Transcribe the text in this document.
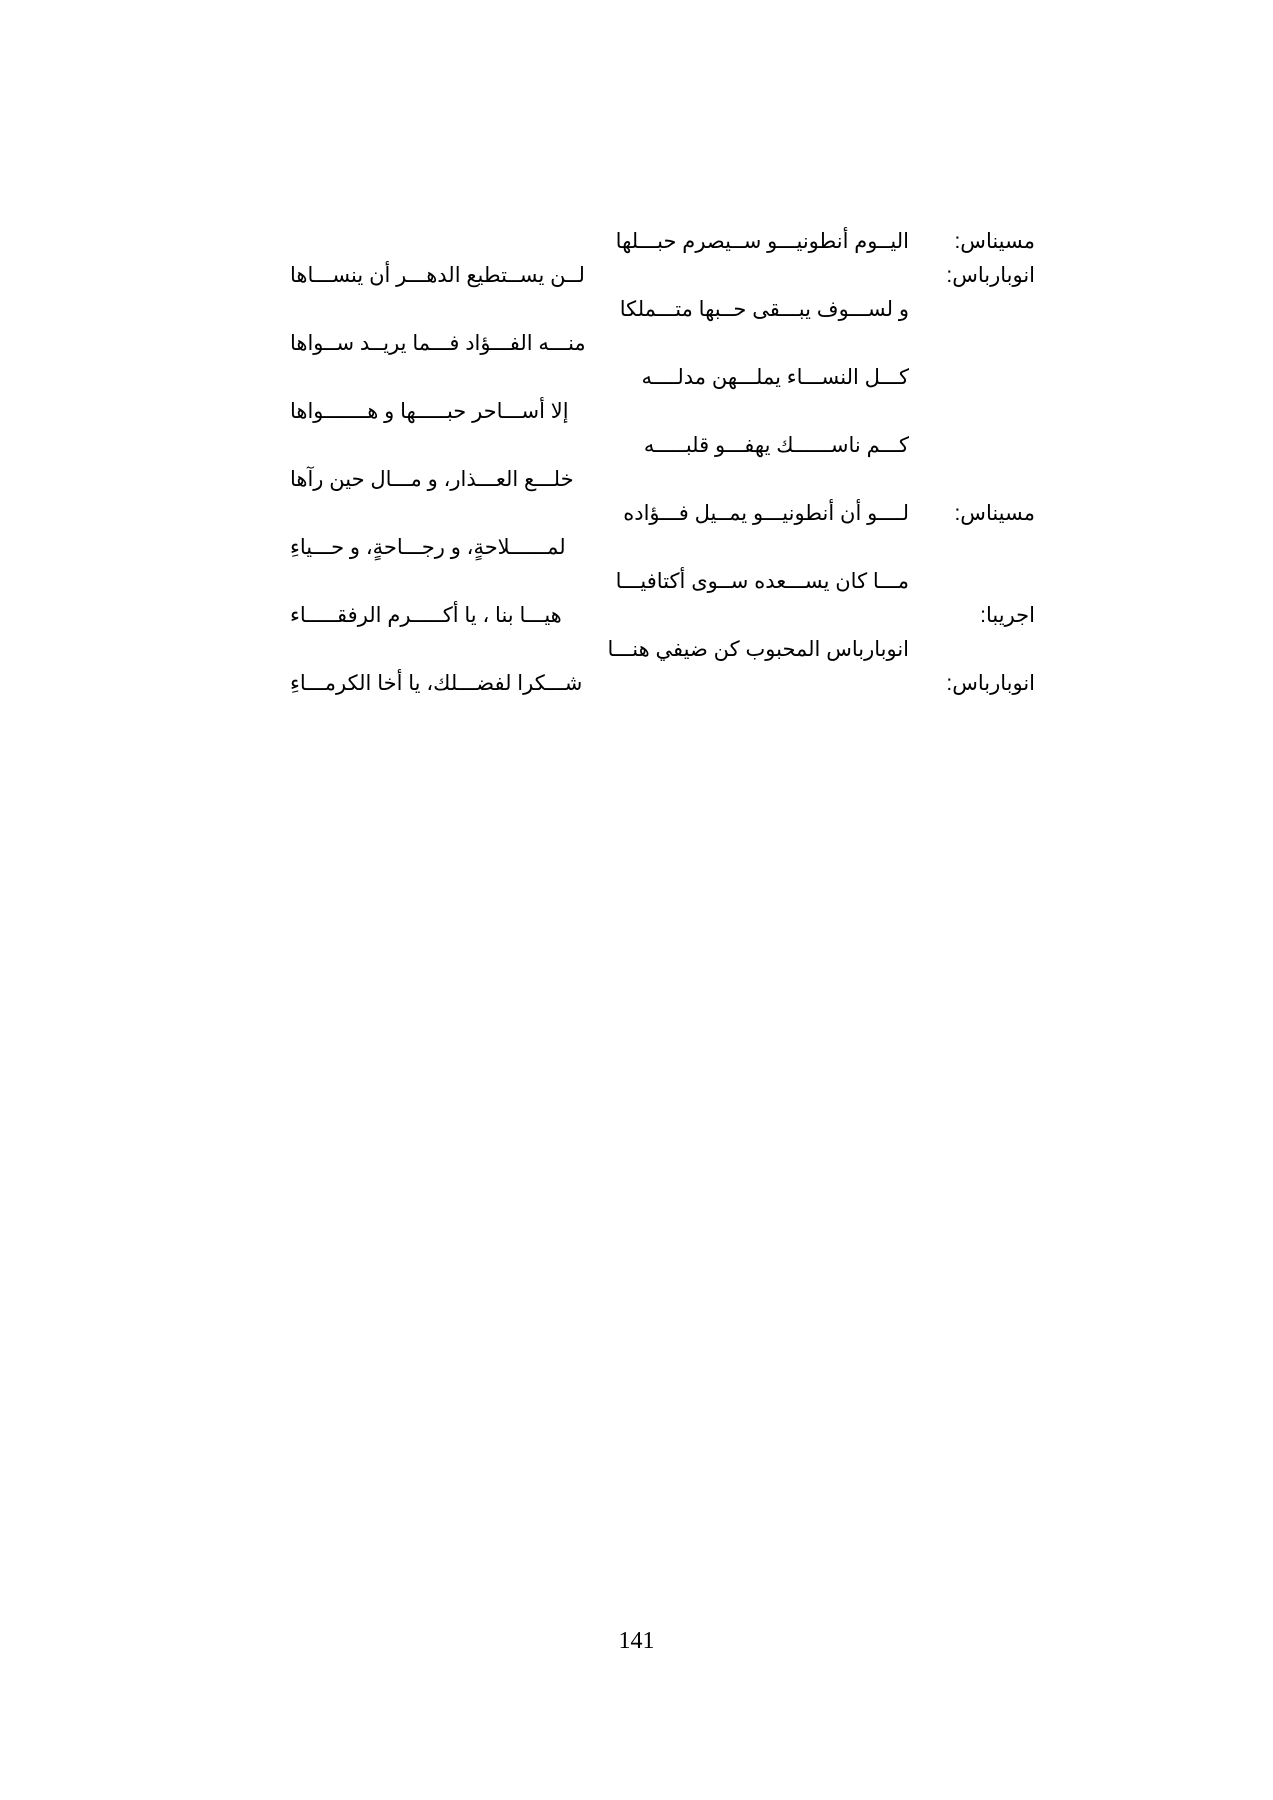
مسيناس:
اليــوم أنطونيـــو ســيصرم حبـــلها
انوبارباس:
لــن يســتطيع الدهـــر أن ينســـاها
و لســـوف يبـــقى حــبها متـــملكا
منـــه الفـــؤاد فـــما يريــد ســواها
كـــل النســـاء يملـــهن مدلــــه
إلا أســـاحر حبـــــها و هـــــــواها
كـــم ناســــــك يهفـــو قلبـــــه
خلـــع العـــذار، و مـــال حين رآها
مسيناس:
لــــو أن أنطونيـــو يمــيل فـــؤاده
لمــــــلاحةٍ، و رجـــاحةٍ، و حـــياءِ
مـــا كان يســـعده ســوى أكتافيـــا
اجريبا:
هيـــا بنا ، يا أكـــــرم الرفقـــــاء
انوبارباس المحبوب كن ضيفي هنـــا
انوبارباس:
شـــكرا لفضـــلك، يا أخا الكرمـــاءِ
141
